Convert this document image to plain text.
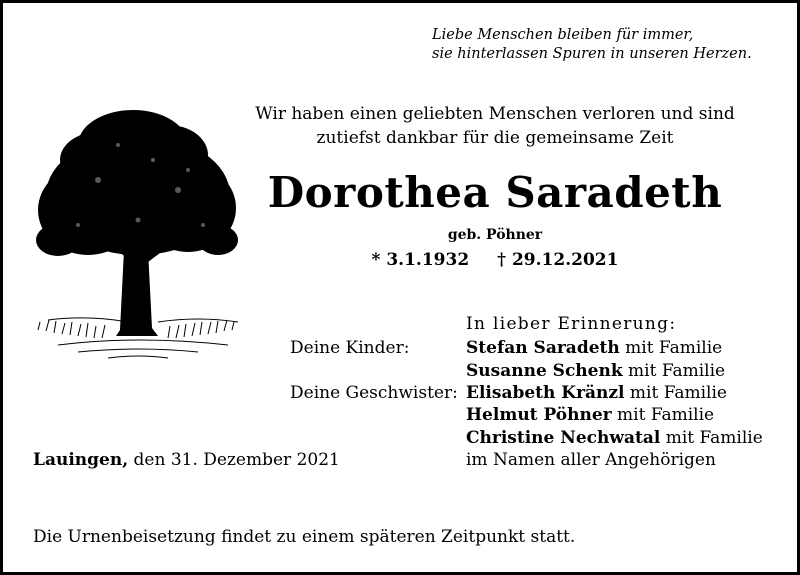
Liebe Menschen bleiben für immer,
sie hinterlassen Spuren in unseren Herzen.
Wir haben einen geliebten Menschen verloren und sind
zutiefst dankbar für die gemeinsame Zeit
Dorothea Saradeth
geb. Pöhner
* 3.1.1932 † 29.12.2021
In lieber Erinnerung:
Deine Kinder:	Stefan Saradeth mit Familie
Susanne Schenk mit Familie
Deine Geschwister: Elisabeth Kränzl mit Familie
Helmut Pöhner mit Familie
Christine Nechwatal mit Familie
im Namen aller Angehörigen
Lauingen, den 31. Dezember 2021
Die Urnenbeisetzung findet zu einem späteren Zeitpunkt statt.
